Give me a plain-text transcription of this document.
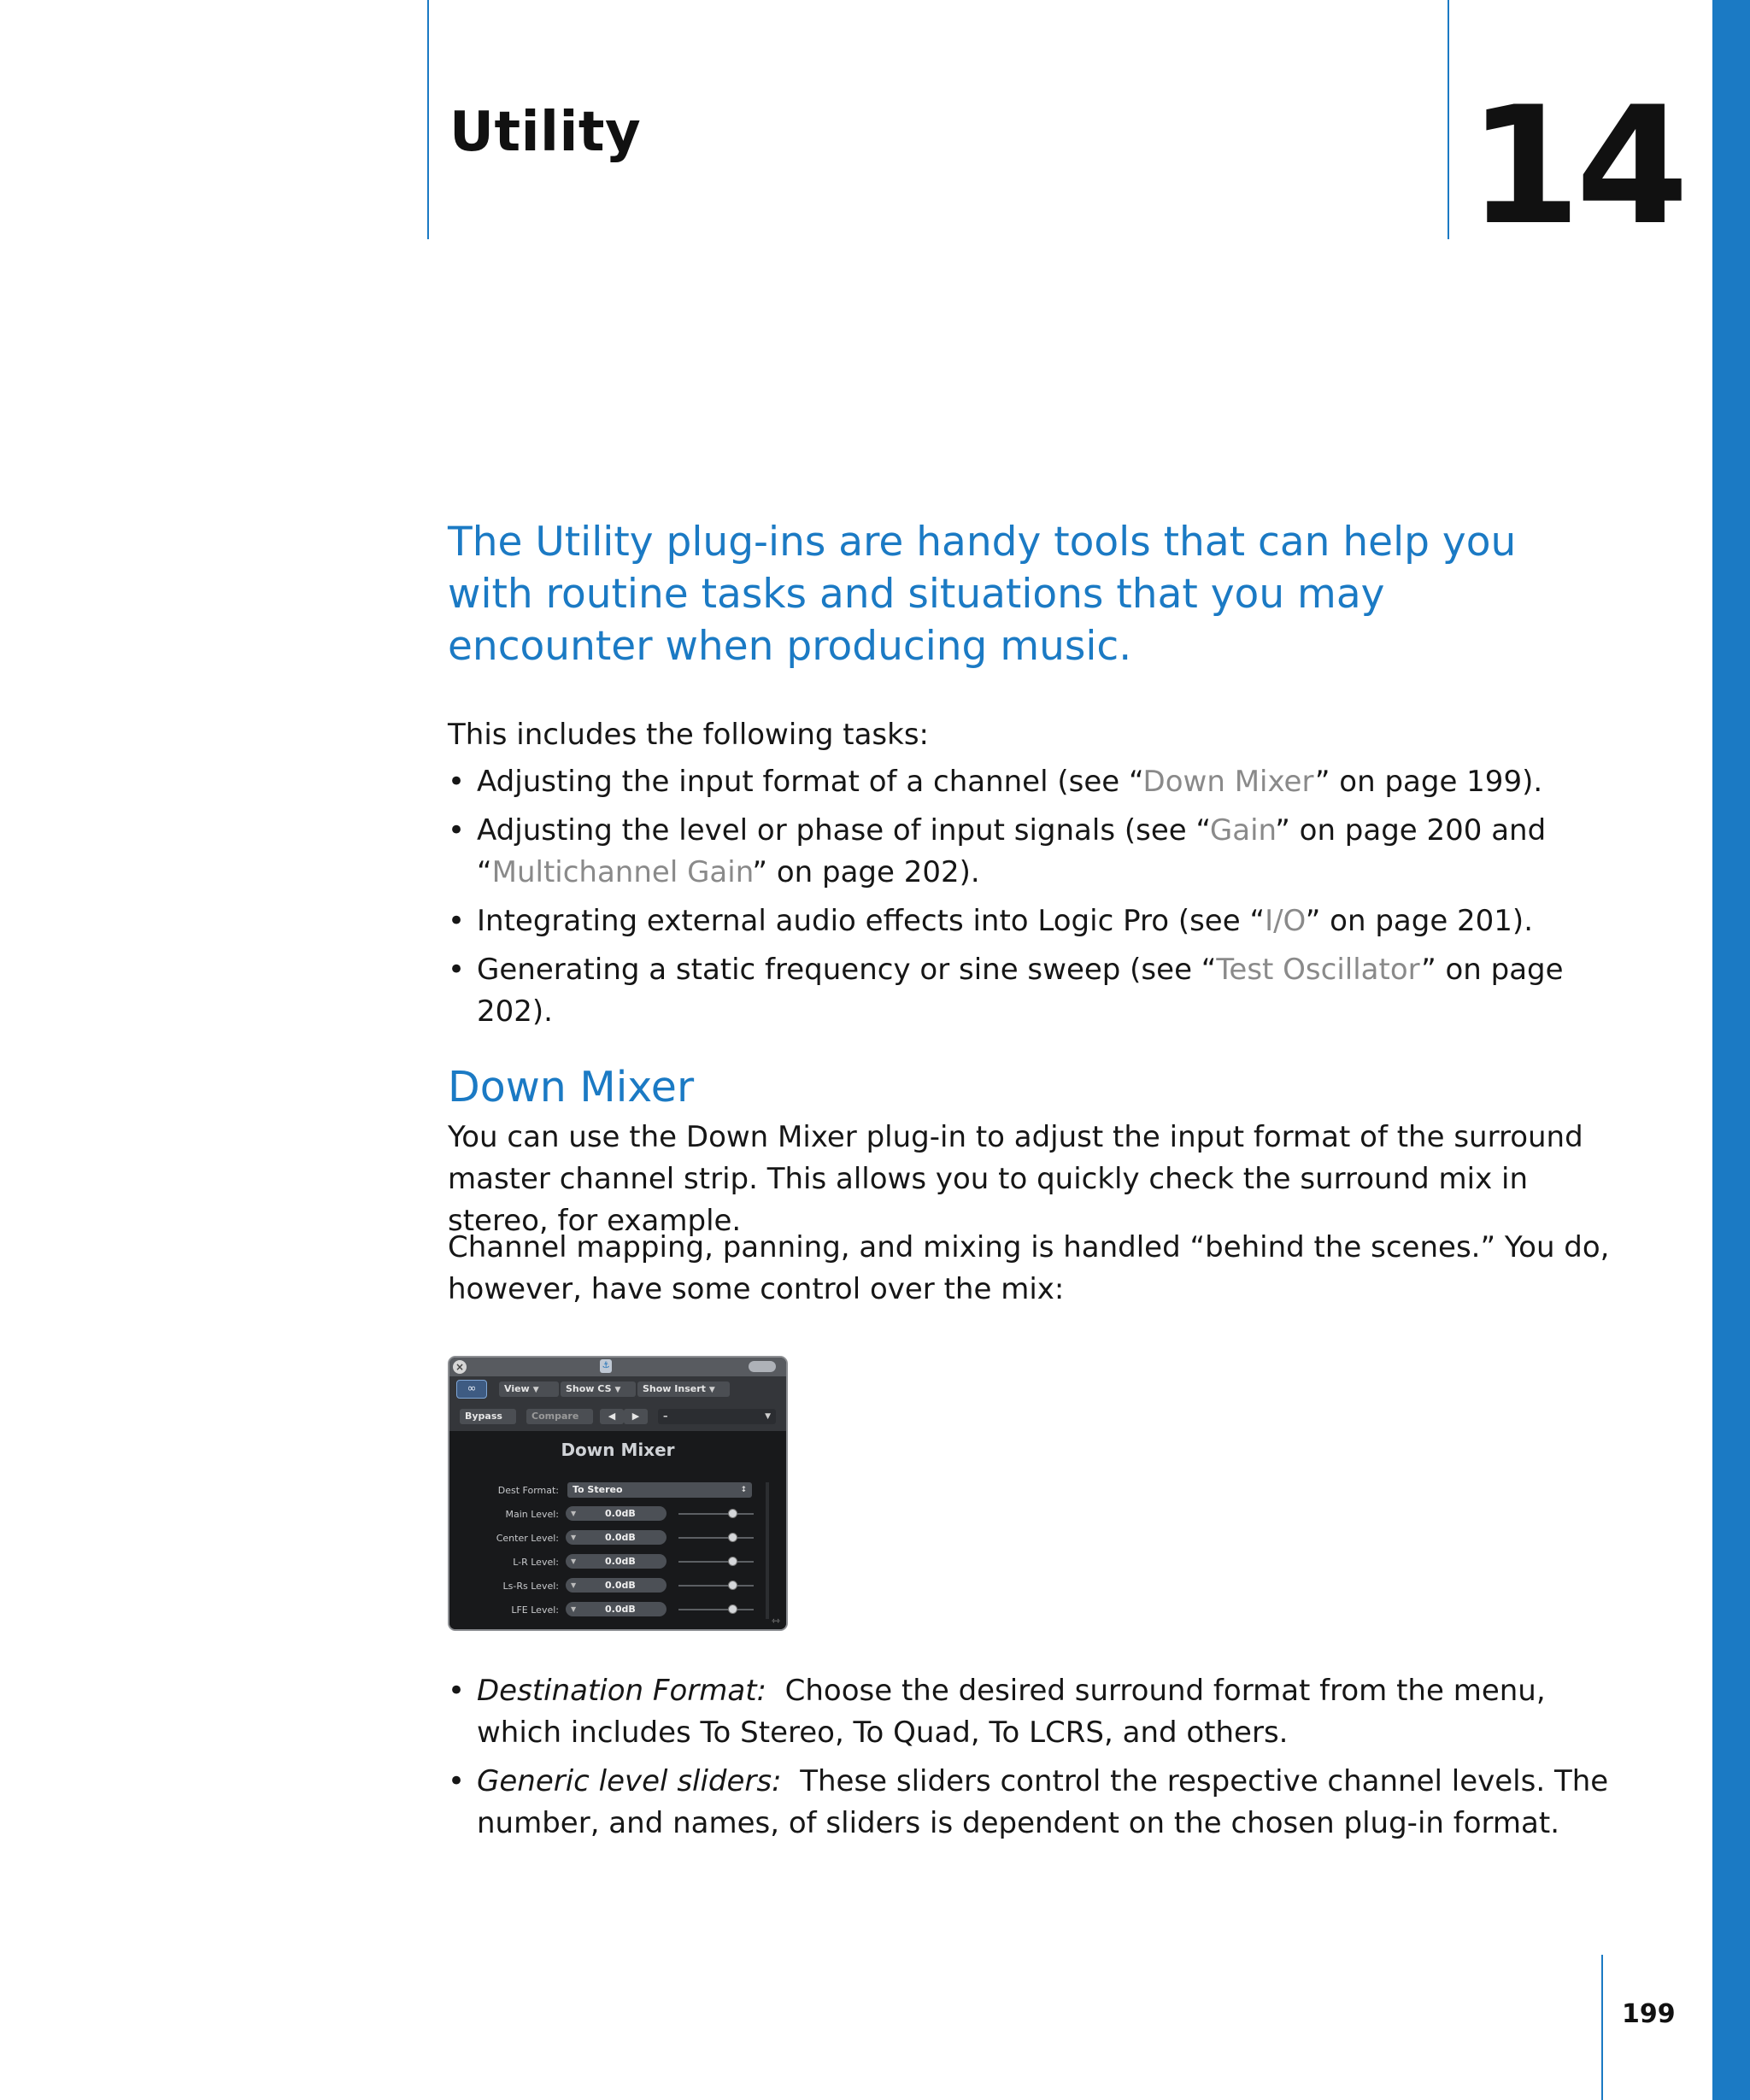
Utility	14
The Utility plug-ins are handy tools that can help you with routine tasks and situations that you may encounter when producing music.

This includes the following tasks:

• Adjusting the input format of a channel (see “Down Mixer” on page 199).
• Adjusting the level or phase of input signals (see “Gain” on page 200 and
“Multichannel Gain” on page 202).
• Integrating external audio effects into Logic Pro (see “I/O” on page 201).
• Generating a static frequency or sine sweep (see “Test Oscillator” on page 202).
Down Mixer

You can use the Down Mixer plug-in to adjust the input format of the surround master channel strip. This allows you to quickly check the surround mix in stereo, for example.

Channel mapping, panning, and mixing is handled “behind the scenes.” You do, however, have some control over the mix:

×	⚓
∞	View ▼	Show CS ▼	Show Insert ▼
Bypass	Compare	◀	▶	–	▼
Down Mixer
Dest Format:	To Stereo	↕
Main Level: ▼	0.0dB
Center Level: ▼	0.0dB
L-R Level: ▼	0.0dB
Ls-Rs Level: ▼	0.0dB
LFE Level: ▼	0.0dB
⇿
• Destination Format: Choose the desired surround format from the menu, which includes To Stereo, To Quad, To LCRS, and others.
• Generic level sliders: These sliders control the respective channel levels. The number, and names, of sliders is dependent on the chosen plug-in format.
199
